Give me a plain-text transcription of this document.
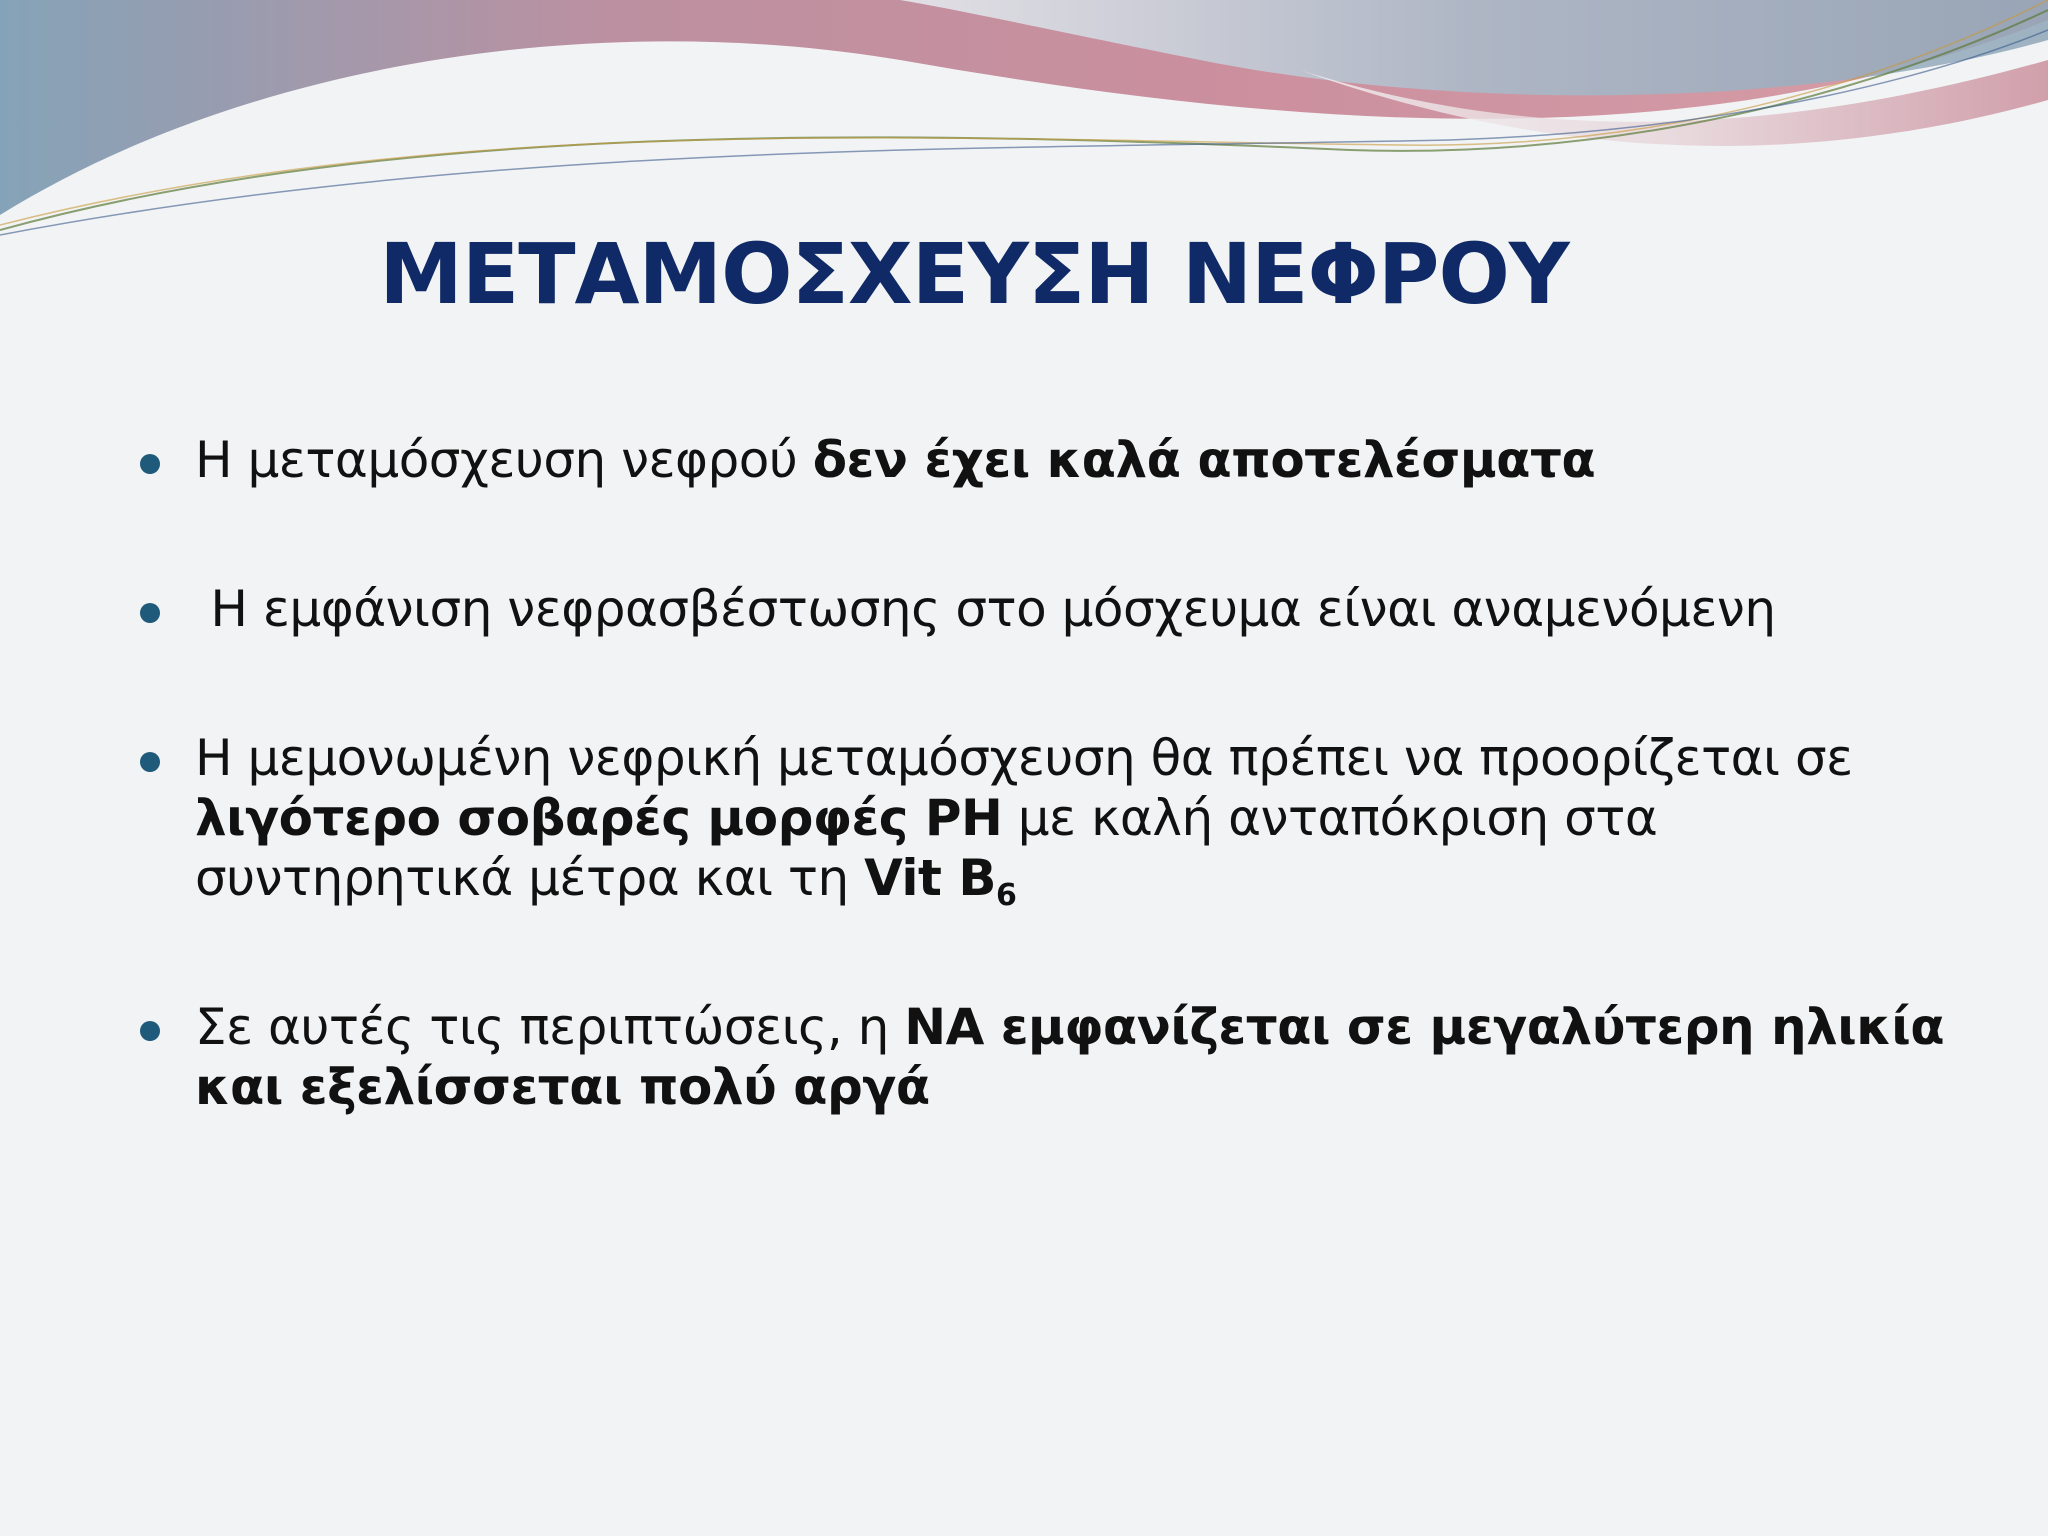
ΜΕΤΑΜΟΣΧΕΥΣΗ ΝΕΦΡΟΥ
Η μεταμόσχευση νεφρού δεν έχει καλά αποτελέσματα
Η εμφάνιση νεφρασβέστωσης στο μόσχευμα είναι αναμενόμενη
Η μεμονωμένη νεφρική μεταμόσχευση θα πρέπει να προορίζεται σε λιγότερο σοβαρές μορφές PH με καλή ανταπόκριση στα συντηρητικά μέτρα και τη Vit $B_6$
Σε αυτές τις περιπτώσεις, η ΝΑ εμφανίζεται σε μεγαλύτερη ηλικία και εξελίσσεται πολύ αργά
